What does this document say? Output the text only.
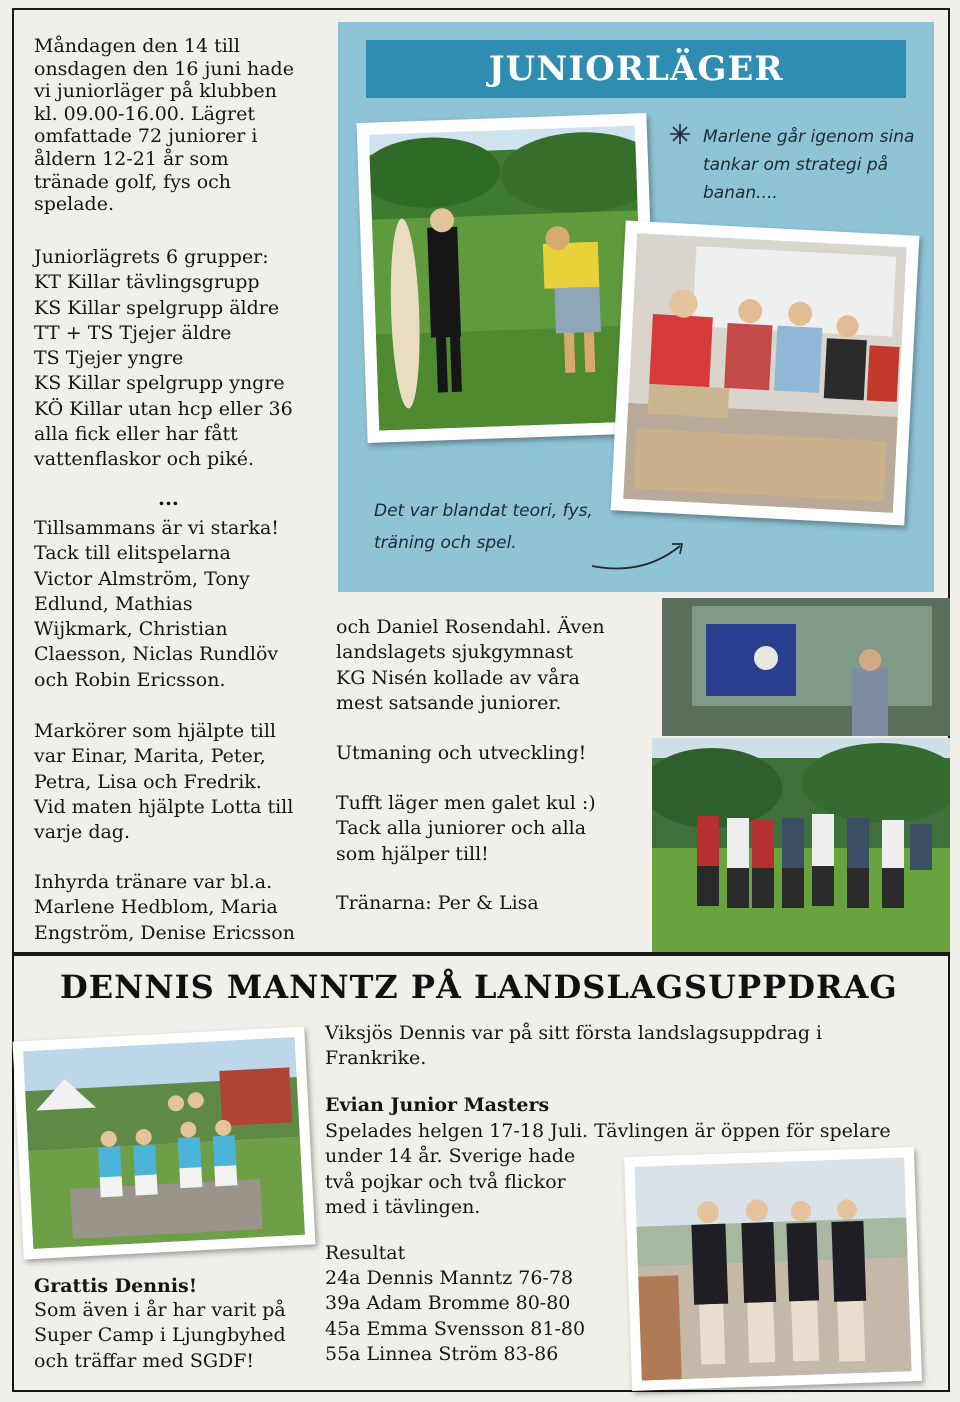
Måndagen den 14 till

onsdagen den 16 juni hade

vi juniorläger på klubben

kl. 09.00-16.00. Lägret

omfattade 72 juniorer i

åldern 12-21 år som

tränade golf, fys och

spelade.

Juniorlägrets 6 grupper:

KT Killar tävlingsgrupp

KS Killar spelgrupp äldre

TT + TS Tjejer äldre

TS Tjejer yngre

KS Killar spelgrupp yngre

KÖ Killar utan hcp eller 36

alla fick eller har fått

vattenflaskor och piké.

...

Tillsammans är vi starka!

Tack till elitspelarna

Victor Almström, Tony

Edlund, Mathias

Wijkmark, Christian

Claesson, Niclas Rundlöv

och Robin Ericsson.

Markörer som hjälpte till

var Einar, Marita, Peter,

Petra, Lisa och Fredrik.

Vid maten hjälpte Lotta till

varje dag.

Inhyrda tränare var bl.a.

Marlene Hedblom, Maria

Engström, Denise Ericsson

JUNIORLÄGER
Marlene går igenom sina
tankar om strategi på
banan....
Det var blandat teori, fys,
träning och spel.

och Daniel Rosendahl. Även

landslagets sjukgymnast

KG Nisén kollade av våra

mest satsande juniorer.

Utmaning och utveckling!

Tufft läger men galet kul :)

Tack alla juniorer och alla

som hjälper till!

Tränarna: Per & Lisa
DENNIS MANNTZ PÅ LANDSLAGSUPPDRAG

Viksjös Dennis var på sitt första landslagsuppdrag i

Frankrike.

Evian Junior Masters

Spelades helgen 17-18 Juli. Tävlingen är öppen för spelare

under 14 år. Sverige hade

två pojkar och två flickor

med i tävlingen.

Resultat

24a Dennis Manntz 76-78

39a Adam Bromme 80-80

45a Emma Svensson 81-80

55a Linnea Ström 83-86

Grattis Dennis!

Som även i år har varit på

Super Camp i Ljungbyhed

och träffar med SGDF!
